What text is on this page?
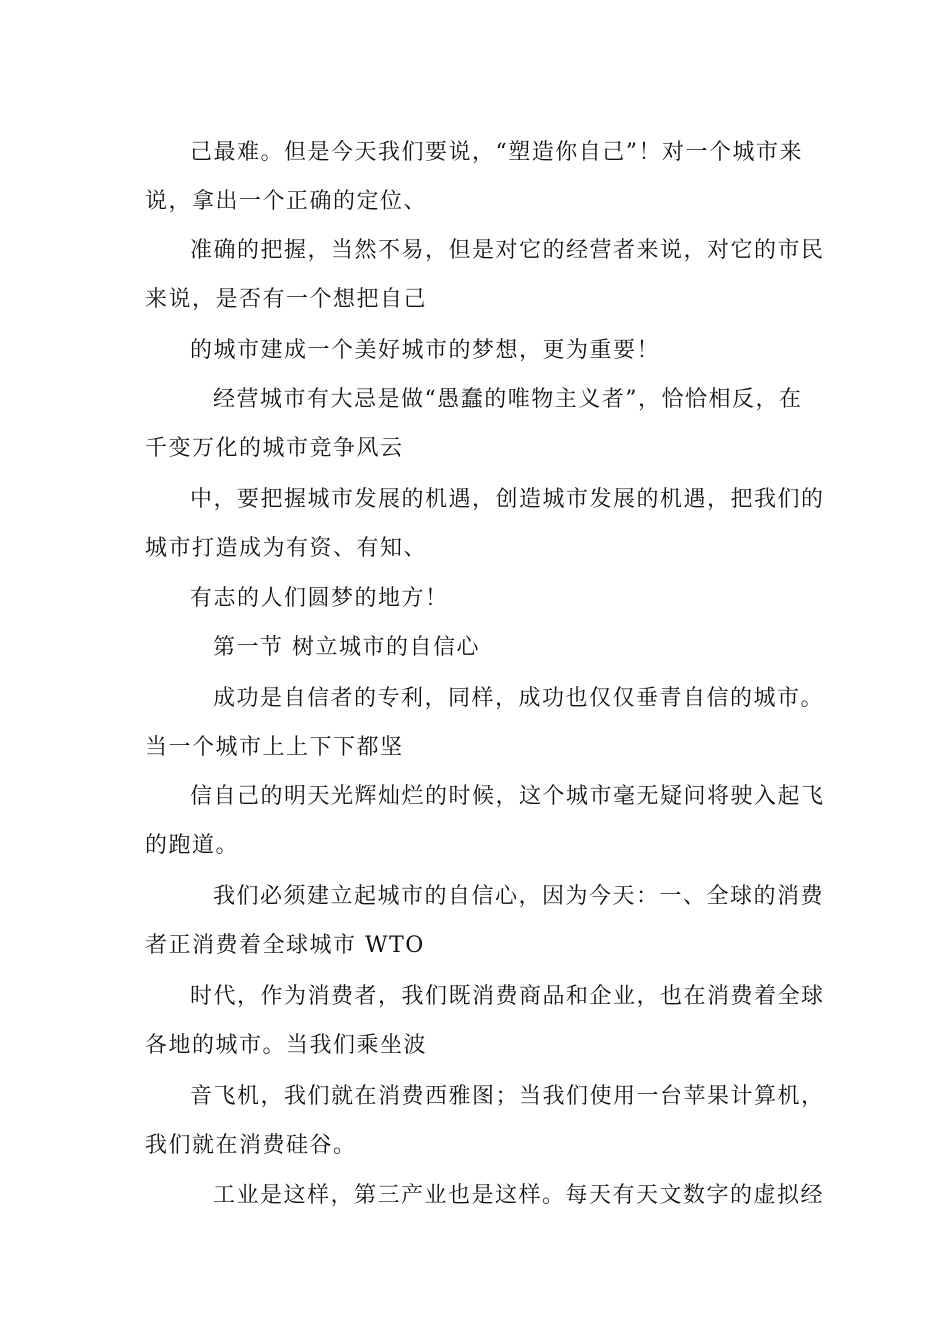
己最难。但是今天我们要说，“塑造你自己”！对一个城市来
说，拿出一个正确的定位、
准确的把握，当然不易，但是对它的经营者来说，对它的市民
来说，是否有一个想把自己
的城市建成一个美好城市的梦想，更为重要！
经营城市有大忌是做“愚蠢的唯物主义者”，恰恰相反，在
千变万化的城市竞争风云
中，要把握城市发展的机遇，创造城市发展的机遇，把我们的
城市打造成为有资、有知、
有志的人们圆梦的地方！
第一节 树立城市的自信心
成功是自信者的专利，同样，成功也仅仅垂青自信的城市。
当一个城市上上下下都坚
信自己的明天光辉灿烂的时候，这个城市毫无疑问将驶入起飞
的跑道。
我们必须建立起城市的自信心，因为今天：一、全球的消费
者正消费着全球城市 WTO
时代，作为消费者，我们既消费商品和企业，也在消费着全球
各地的城市。当我们乘坐波
音飞机，我们就在消费西雅图；当我们使用一台苹果计算机，
我们就在消费硅谷。
工业是这样，第三产业也是这样。每天有天文数字的虚拟经
